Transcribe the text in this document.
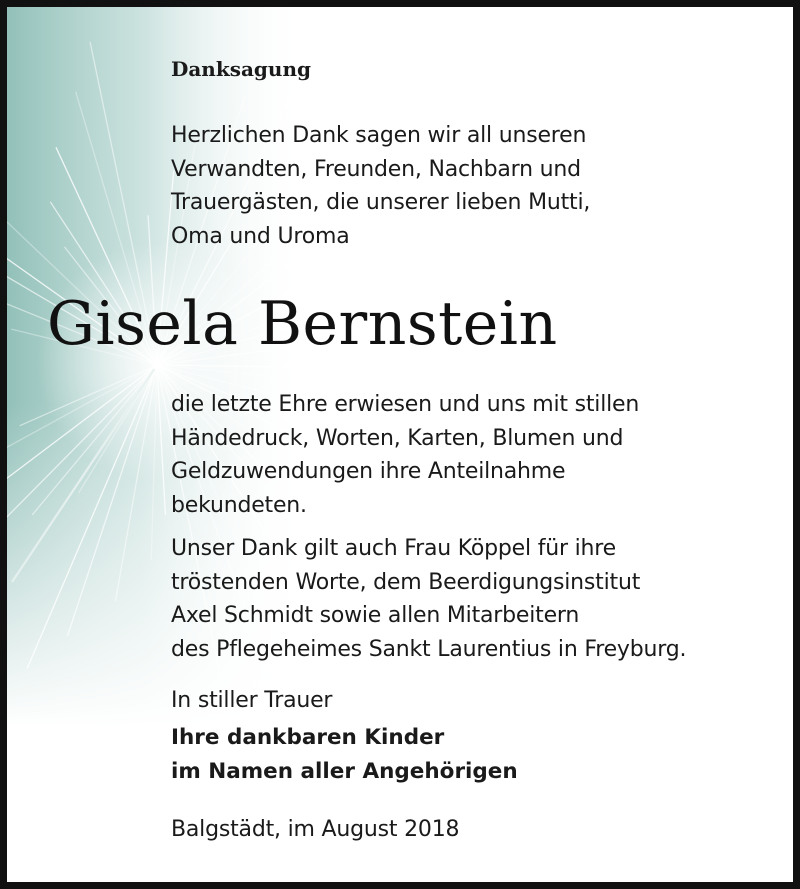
Danksagung
Herzlichen Dank sagen wir all unseren
Verwandten, Freunden, Nachbarn und
Trauergästen, die unserer lieben Mutti,
Oma und Uroma
Gisela Bernstein
die letzte Ehre erwiesen und uns mit stillen
Händedruck, Worten, Karten, Blumen und
Geldzuwendungen ihre Anteilnahme
bekundeten.
Unser Dank gilt auch Frau Köppel für ihre
tröstenden Worte, dem Beerdigungsinstitut
Axel Schmidt sowie allen Mitarbeitern
des Pflegeheimes Sankt Laurentius in Freyburg.
In stiller Trauer
Ihre dankbaren Kinder
im Namen aller Angehörigen
Balgstädt, im August 2018
